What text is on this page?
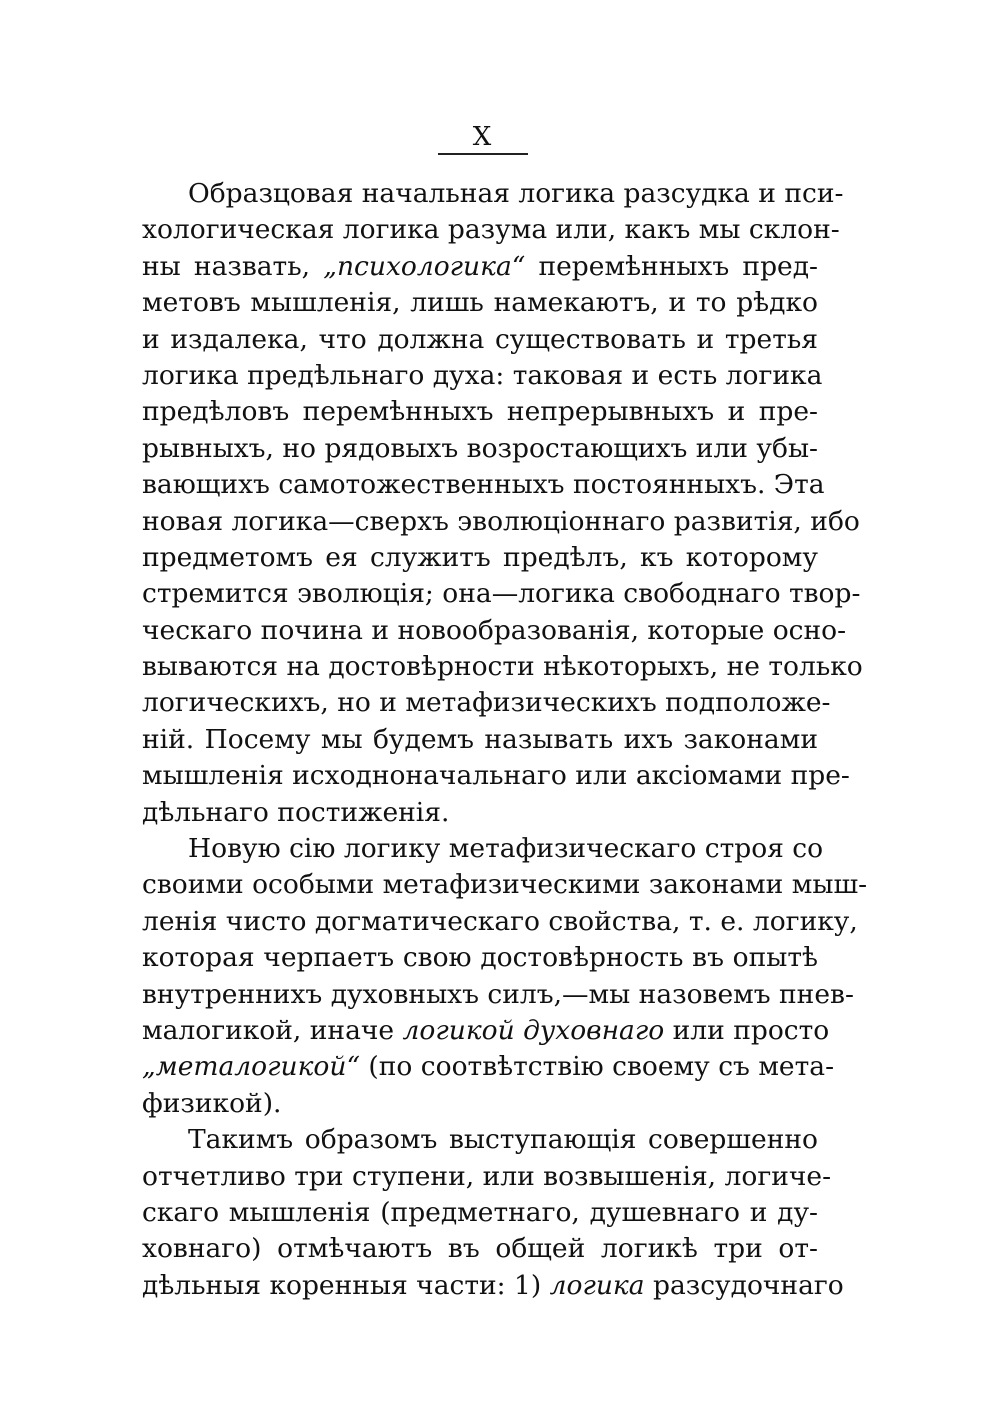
X
Образцовая начальная логика разсудка и пси-
хологическая логика разума или, какъ мы склон-
ны назвать, „психологика“ перемѣнныхъ пред-
метовъ мышленія, лишь намекаютъ, и то рѣдко
и издалека, что должна существовать и третья
логика предѣльнаго духа: таковая и есть логика
предѣловъ перемѣнныхъ непрерывныхъ и пре-
рывныхъ, но рядовыхъ возростающихъ или убы-
вающихъ самотожественныхъ постоянныхъ. Эта
новая логика—сверхъ эволюціоннаго развитія, ибо
предметомъ ея служитъ предѣлъ, къ которому
стремится эволюція; она—логика свободнаго твор-
ческаго почина и новообразованія, которые осно-
вываются на достовѣрности нѣкоторыхъ, не только
логическихъ, но и метафизическихъ подположе-
ній. Посему мы будемъ называть ихъ законами
мышленія исходноначальнаго или аксіомами пре-
дѣльнаго постиженія.
Новую сію логику метафизическаго строя со
своими особыми метафизическими законами мыш-
ленія чисто догматическаго свойства, т. е. логику,
которая черпаетъ свою достовѣрность въ опытѣ
внутреннихъ духовныхъ силъ,—мы назовемъ пнев-
малогикой, иначе логикой духовнаго или просто
„металогикой“ (по соотвѣтствію своему съ мета-
физикой).
Такимъ образомъ выступающія совершенно
отчетливо три ступени, или возвышенія, логиче-
скаго мышленія (предметнаго, душевнаго и ду-
ховнаго) отмѣчаютъ въ общей логикѣ три от-
дѣльныя коренныя части: 1) логика разсудочнаго
